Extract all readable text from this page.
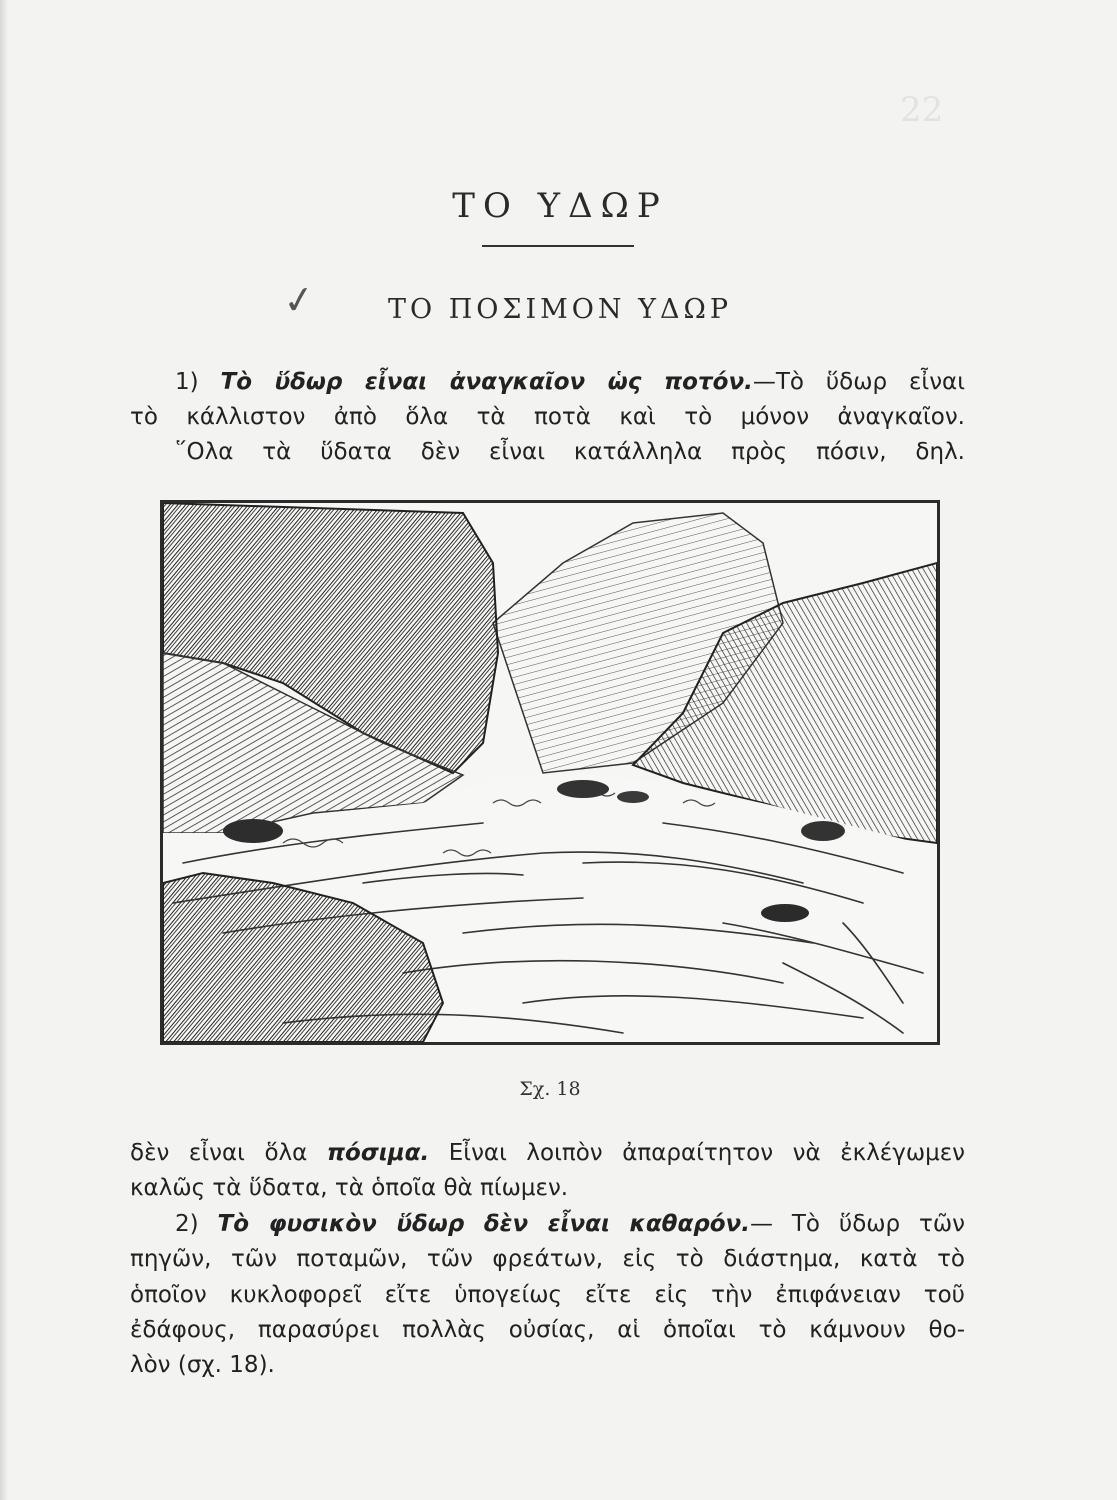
22
ΤΟ ΥΔΩΡ
✓	ΤΟ ΠΟΣΙΜΟΝ ΥΔΩΡ
1) Τὸ ὕδωρ εἶναι ἀναγκαῖον ὡς ποτόν.—Τὸ ὕδωρ εἶναι
τὸ κάλλιστον ἀπὸ ὅλα τὰ ποτὰ καὶ τὸ μόνον ἀναγκαῖον.
῞Ολα τὰ ὕδατα δὲν εἶναι κατάλληλα πρὸς πόσιν, δηλ.
Σχ. 18
δὲν εἶναι ὅλα πόσιμα. Εἶναι λοιπὸν ἀπαραίτητον νὰ ἐκλέγωμεν
καλῶς τὰ ὕδατα, τὰ ὁποῖα θὰ πίωμεν.
2) Τὸ φυσικὸν ὕδωρ δὲν εἶναι καθαρόν.— Τὸ ὕδωρ τῶν
πηγῶν, τῶν ποταμῶν, τῶν φρεάτων, εἰς τὸ διάστημα, κατὰ τὸ
ὁποῖον κυκλοφορεῖ εἴτε ὑπογείως εἴτε εἰς τὴν ἐπιφάνειαν τοῦ
ἐδάφους, παρασύρει πολλὰς οὐσίας, αἱ ὁποῖαι τὸ κάμνουν θο-
λὸν (σχ. 18).
